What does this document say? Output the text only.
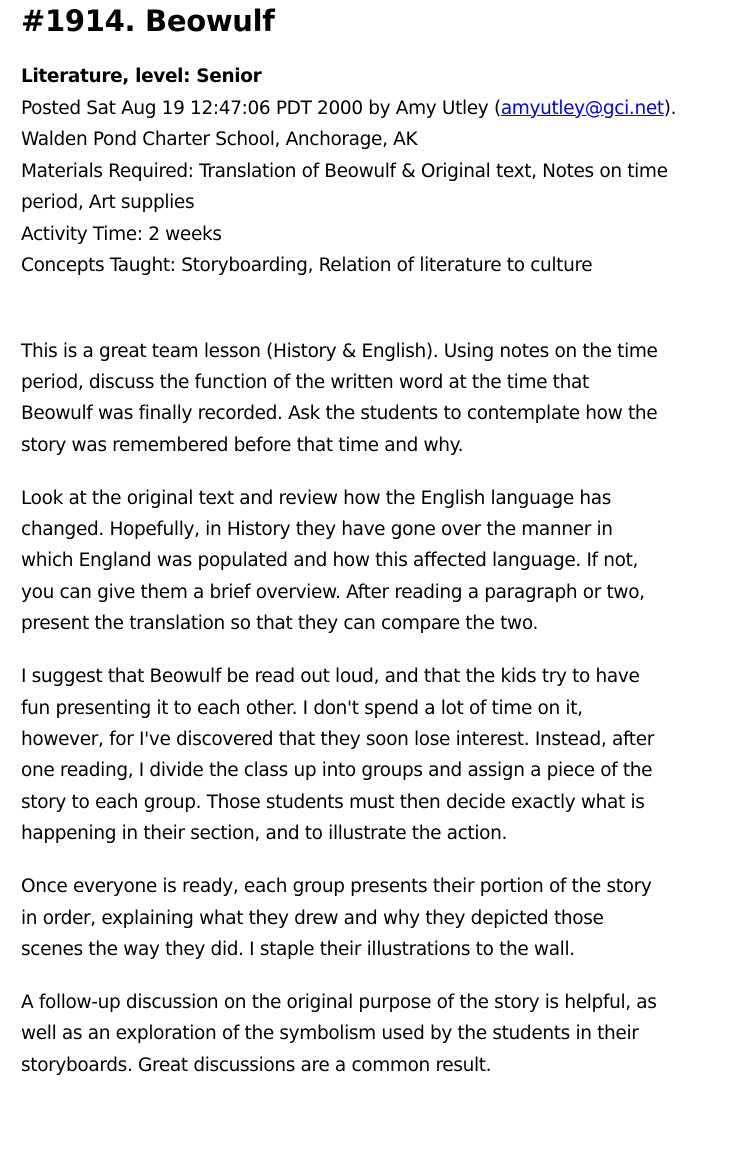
#1914. Beowulf
Literature, level: Senior
Posted Sat Aug 19 12:47:06 PDT 2000 by Amy Utley (amyutley@gci.net).
Walden Pond Charter School, Anchorage, AK
Materials Required: Translation of Beowulf & Original text, Notes on time period, Art supplies
Activity Time: 2 weeks
Concepts Taught: Storyboarding, Relation of literature to culture

This is a great team lesson (History & English). Using notes on the time period, discuss the function of the written word at the time that Beowulf was finally recorded. Ask the students to contemplate how the story was remembered before that time and why.

Look at the original text and review how the English language has changed. Hopefully, in History they have gone over the manner in which England was populated and how this affected language. If not, you can give them a brief overview. After reading a paragraph or two, present the translation so that they can compare the two.

I suggest that Beowulf be read out loud, and that the kids try to have fun presenting it to each other. I don't spend a lot of time on it, however, for I've discovered that they soon lose interest. Instead, after one reading, I divide the class up into groups and assign a piece of the story to each group. Those students must then decide exactly what is happening in their section, and to illustrate the action.

Once everyone is ready, each group presents their portion of the story in order, explaining what they drew and why they depicted those scenes the way they did. I staple their illustrations to the wall.

A follow-up discussion on the original purpose of the story is helpful, as well as an exploration of the symbolism used by the students in their storyboards. Great discussions are a common result.
